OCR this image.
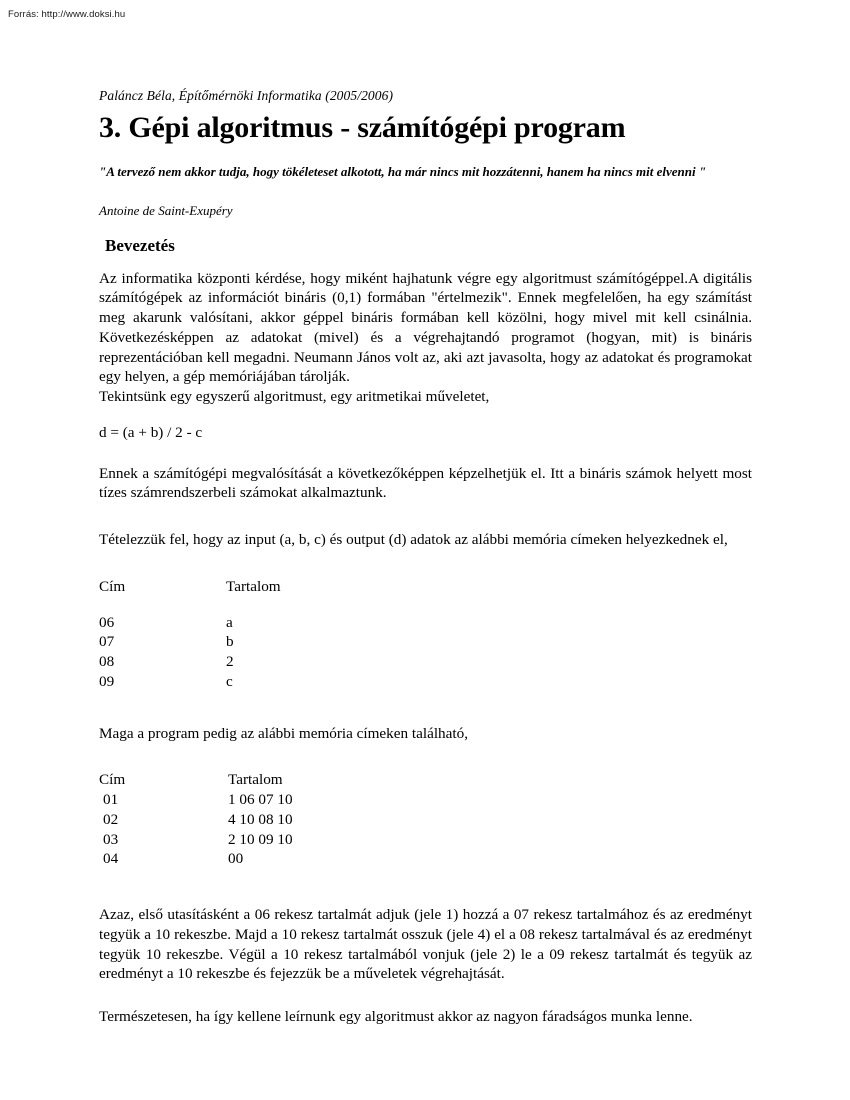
Forrás: http://www.doksi.hu
Paláncz Béla, Építőmérnöki Informatika (2005/2006)
3. Gépi algoritmus - számítógépi program
"A tervező nem akkor tudja, hogy tökéleteset alkotott, ha már nincs mit hozzátenni, hanem ha nincs mit elvenni "
Antoine de Saint-Exupéry
Bevezetés

Az informatika központi kérdése, hogy miként hajhatunk végre egy algoritmust számítógéppel.A digitális számítógépek az információt bináris (0,1) formában "értelmezik". Ennek megfelelően, ha egy számítást meg akarunk valósítani, akkor géppel bináris formában kell közölni, hogy mivel mit kell csinálnia. Következésképpen az adatokat (mivel) és a végrehajtandó programot (hogyan, mit) is bináris reprezentációban kell megadni. Neumann János volt az, aki azt javasolta, hogy az adatokat és programokat egy helyen, a gép memóriájában tárolják.

Tekintsünk egy egyszerű algoritmust, egy aritmetikai műveletet,

d = (a + b) / 2 - c

Ennek a számítógépi megvalósítását a következőképpen képzelhetjük el. Itt a bináris számok helyett most tízes számrendszerbeli számokat alkalmaztunk.

Tételezzük fel, hogy az input (a, b, c) és output (d) adatok az alábbi memória címeken helyezkednek el,

Cím	Tartalom
06	a
07	b
08	2
09	c

Maga a program pedig az alábbi memória címeken található,

Cím	Tartalom
01	1 06 07 10
02	4 10 08 10
03	2 10 09 10
04	00

Azaz, első utasításként a 06 rekesz tartalmát adjuk (jele 1) hozzá a 07 rekesz tartalmához és az eredményt tegyük a 10 rekeszbe. Majd a 10 rekesz tartalmát osszuk (jele 4) el a 08 rekesz tartalmával és az eredményt tegyük 10 rekeszbe. Végül a 10 rekesz tartalmából vonjuk (jele 2) le a 09 rekesz tartalmát és tegyük az eredményt a 10 rekeszbe és fejezzük be a műveletek végrehajtását.

Természetesen, ha így kellene leírnunk egy algoritmust akkor az nagyon fáradságos munka lenne.
